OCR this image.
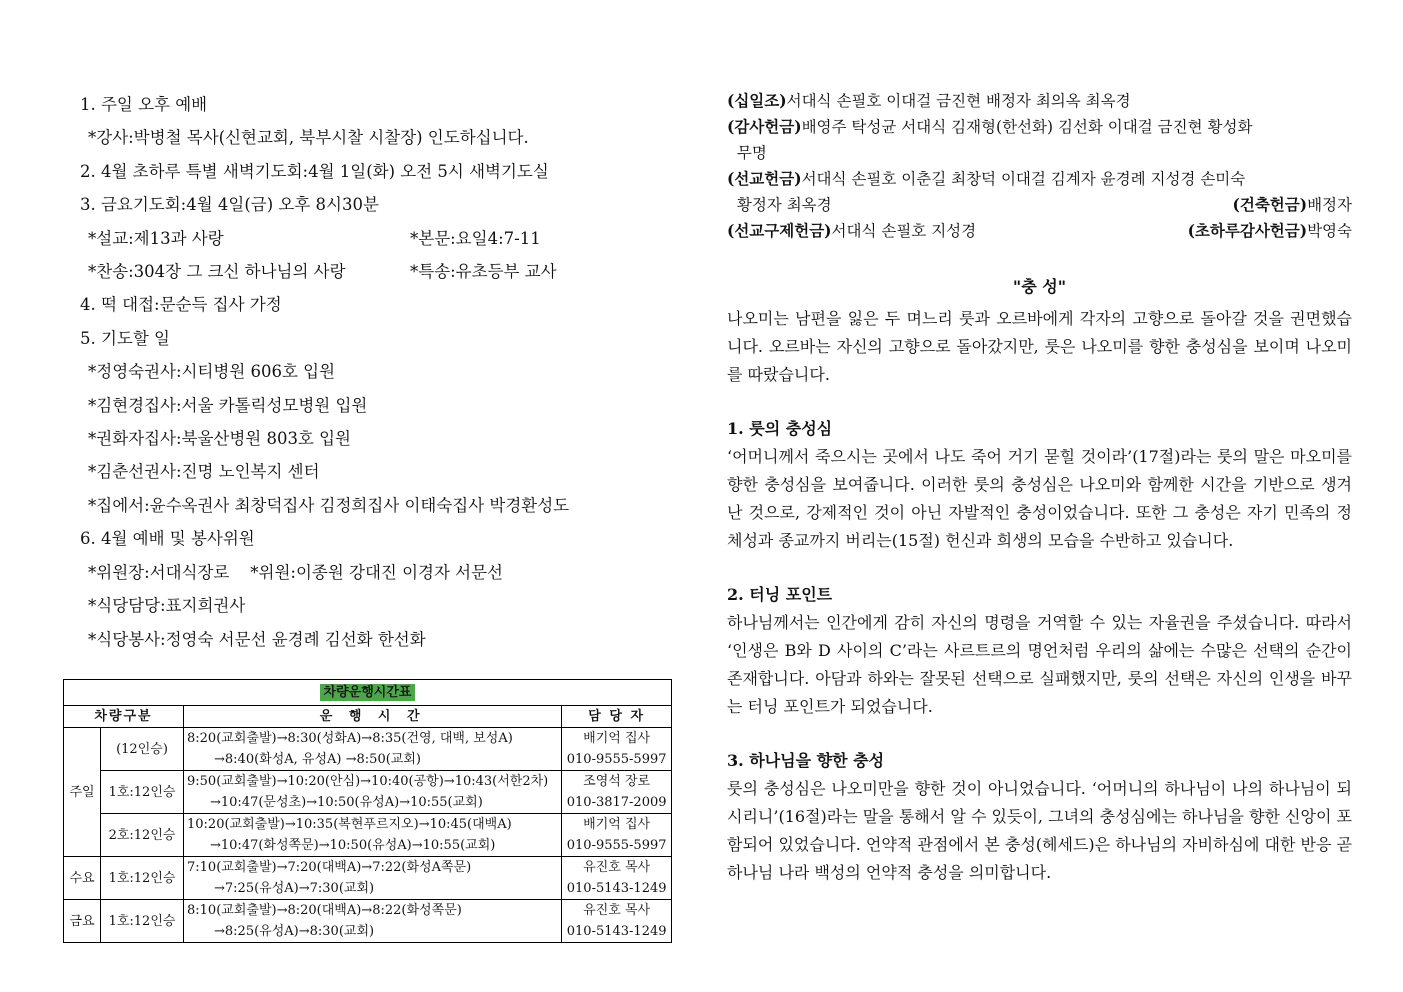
1. 주일 오후 예배
*강사:박병철 목사(신현교회, 북부시찰 시찰장) 인도하십니다.
2. 4월 초하루 특별 새벽기도회:4월 1일(화) 오전 5시 새벽기도실
3. 금요기도회:4월 4일(금) 오후 8시30분
*설교:제13과 사랑	*본문:요일4:7-11
*찬송:304장 그 크신 하나님의 사랑	*특송:유초등부 교사
4. 떡 대접:문순득 집사 가정
5. 기도할 일
*정영숙권사:시티병원 606호 입원
*김현경집사:서울 카톨릭성모병원 입원
*권화자집사:북울산병원 803호 입원
*김춘선권사:진명 노인복지 센터
*집에서:윤수옥권사 최창덕집사 김정희집사 이태숙집사 박경환성도
6. 4월 예배 및 봉사위원
*위원장:서대식장로    *위원:이종원 강대진 이경자 서문선
*식당담당:표지희권사
*식당봉사:정영숙 서문선 윤경례 김선화 한선화
차량운행시간표			
차량구분		운 행 시 간	담 당 자
주일	(12인승)	8:20(교회출발)→8:30(성화A)→8:35(건영, 대백, 보성A)	배기억 집사
		→8:40(화성A, 유성A) →8:50(교회)	010-9555-5997
	1호:12인승	9:50(교회출발)→10:20(안심)→10:40(공항)→10:43(서한2차)	조영석 장로
		→10:47(문성초)→10:50(유성A)→10:55(교회)	010-3817-2009
	2호:12인승	10:20(교회출발)→10:35(복현푸르지오)→10:45(대백A)	배기억 집사
		→10:47(화성쪽문)→10:50(유성A)→10:55(교회)	010-9555-5997
수요	1호:12인승	7:10(교회출발)→7:20(대백A)→7:22(화성A쪽문)	유진호 목사
		→7:25(유성A)→7:30(교회)	010-5143-1249
금요	1호:12인승	8:10(교회출발)→8:20(대백A)→8:22(화성쪽문)	유진호 목사
		→8:25(유성A)→8:30(교회)	010-5143-1249
(십일조)서대식 손필호 이대걸 금진현 배정자 최의옥 최옥경
(감사헌금)배영주 탁성균 서대식 김재형(한선화) 김선화 이대걸 금진현 황성화
무명
(선교헌금)서대식 손필호 이춘길 최창덕 이대걸 김계자 윤경례 지성경 손미숙
황정자 최옥경	(건축헌금)배정자
(선교구제헌금)서대식 손필호 지성경	(초하루감사헌금)박영숙
"충 성"
나오미는 남편을 잃은 두 며느리 룻과 오르바에게 각자의 고향으로 돌아갈 것을 권면했습니다. 오르바는 자신의 고향으로 돌아갔지만, 룻은 나오미를 향한 충성심을 보이며 나오미를 따랐습니다.
1. 룻의 충성심
‘어머니께서 죽으시는 곳에서 나도 죽어 거기 묻힐 것이라’(17절)라는 룻의 말은 마오미를 향한 충성심을 보여줍니다. 이러한 룻의 충성심은 나오미와 함께한 시간을 기반으로 생겨난 것으로, 강제적인 것이 아닌 자발적인 충성이었습니다. 또한 그 충성은 자기 민족의 정체성과 종교까지 버리는(15절) 헌신과 희생의 모습을 수반하고 있습니다.
2. 터닝 포인트
하나님께서는 인간에게 감히 자신의 명령을 거역할 수 있는 자율권을 주셨습니다. 따라서 ‘인생은 B와 D 사이의 C’라는 사르트르의 명언처럼 우리의 삶에는 수많은 선택의 순간이 존재합니다. 아담과 하와는 잘못된 선택으로 실패했지만, 룻의 선택은 자신의 인생을 바꾸는 터닝 포인트가 되었습니다.
3. 하나님을 향한 충성
룻의 충성심은 나오미만을 향한 것이 아니었습니다. ‘어머니의 하나님이 나의 하나님이 되시리니’(16절)라는 말을 통해서 알 수 있듯이, 그녀의 충성심에는 하나님을 향한 신앙이 포함되어 있었습니다. 언약적 관점에서 본 충성(헤세드)은 하나님의 자비하심에 대한 반응 곧 하나님 나라 백성의 언약적 충성을 의미합니다.
